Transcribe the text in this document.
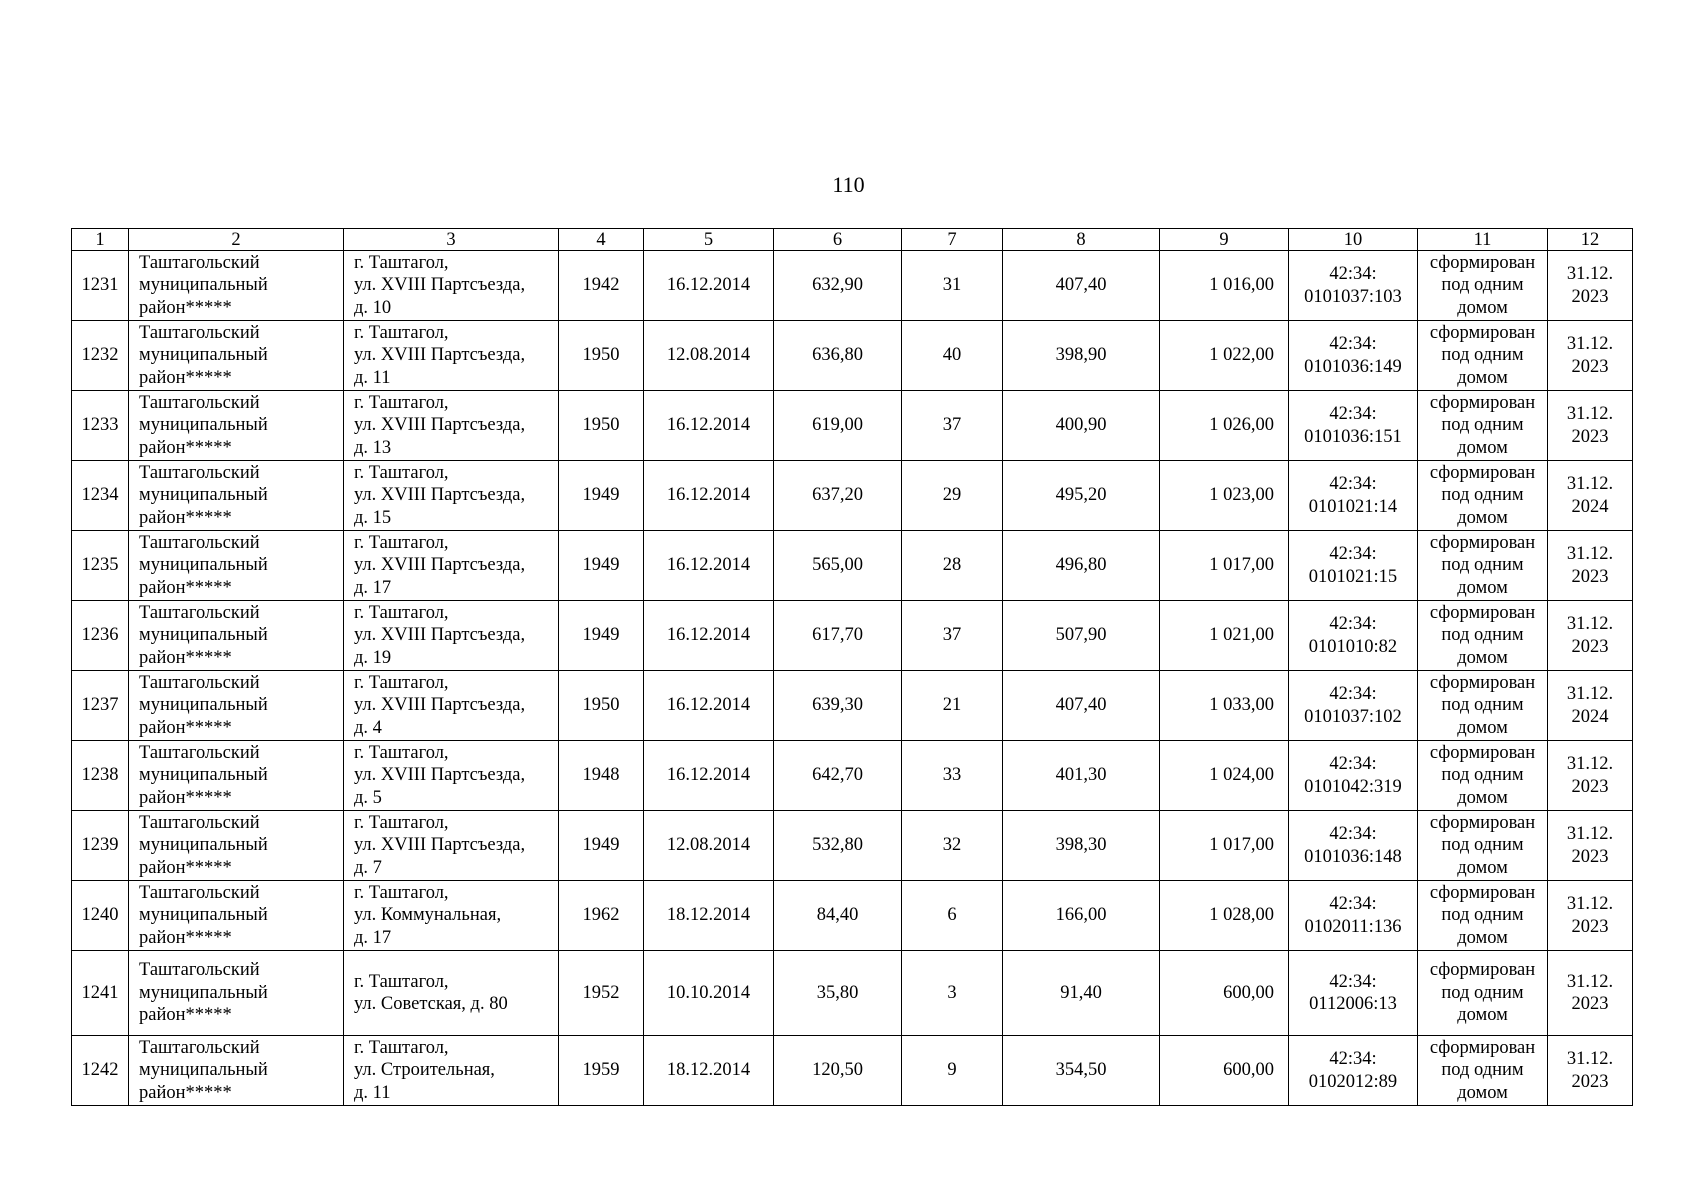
110
1	2	3	4	5	6	7	8	9	10	11	12
1231	Таштагольский
муниципальный
район*****	г. Таштагол,
ул. XVIII Партсъезда,
д. 10	1942	16.12.2014	632,90	31	407,40	1 016,00	42:34:
0101037:103	сформирован
под одним
домом	31.12.
2023

1232	Таштагольский
муниципальный
район*****	г. Таштагол,
ул. XVIII Партсъезда,
д. 11	1950	12.08.2014	636,80	40	398,90	1 022,00	42:34:
0101036:149	сформирован
под одним
домом	31.12.
2023

1233	Таштагольский
муниципальный
район*****	г. Таштагол,
ул. XVIII Партсъезда,
д. 13	1950	16.12.2014	619,00	37	400,90	1 026,00	42:34:
0101036:151	сформирован
под одним
домом	31.12.
2023

1234	Таштагольский
муниципальный
район*****	г. Таштагол,
ул. XVIII Партсъезда,
д. 15	1949	16.12.2014	637,20	29	495,20	1 023,00	42:34:
0101021:14	сформирован
под одним
домом	31.12.
2024

1235	Таштагольский
муниципальный
район*****	г. Таштагол,
ул. XVIII Партсъезда,
д. 17	1949	16.12.2014	565,00	28	496,80	1 017,00	42:34:
0101021:15	сформирован
под одним
домом	31.12.
2023

1236	Таштагольский
муниципальный
район*****	г. Таштагол,
ул. XVIII Партсъезда,
д. 19	1949	16.12.2014	617,70	37	507,90	1 021,00	42:34:
0101010:82	сформирован
под одним
домом	31.12.
2023

1237	Таштагольский
муниципальный
район*****	г. Таштагол,
ул. XVIII Партсъезда,
д. 4	1950	16.12.2014	639,30	21	407,40	1 033,00	42:34:
0101037:102	сформирован
под одним
домом	31.12.
2024

1238	Таштагольский
муниципальный
район*****	г. Таштагол,
ул. XVIII Партсъезда,
д. 5	1948	16.12.2014	642,70	33	401,30	1 024,00	42:34:
0101042:319	сформирован
под одним
домом	31.12.
2023

1239	Таштагольский
муниципальный
район*****	г. Таштагол,
ул. XVIII Партсъезда,
д. 7	1949	12.08.2014	532,80	32	398,30	1 017,00	42:34:
0101036:148	сформирован
под одним
домом	31.12.
2023

1240	Таштагольский
муниципальный
район*****	г. Таштагол,
ул. Коммунальная,
д. 17	1962	18.12.2014	84,40	6	166,00	1 028,00	42:34:
0102011:136	сформирован
под одним
домом	31.12.
2023

1241	Таштагольский
муниципальный
район*****	г. Таштагол,
ул. Советская, д. 80	1952	10.10.2014	35,80	3	91,40	600,00	42:34:
0112006:13	сформирован
под одним
домом	31.12.
2023

1242	Таштагольский
муниципальный
район*****	г. Таштагол,
ул. Строительная,
д. 11	1959	18.12.2014	120,50	9	354,50	600,00	42:34:
0102012:89	сформирован
под одним
домом	31.12.
2023
